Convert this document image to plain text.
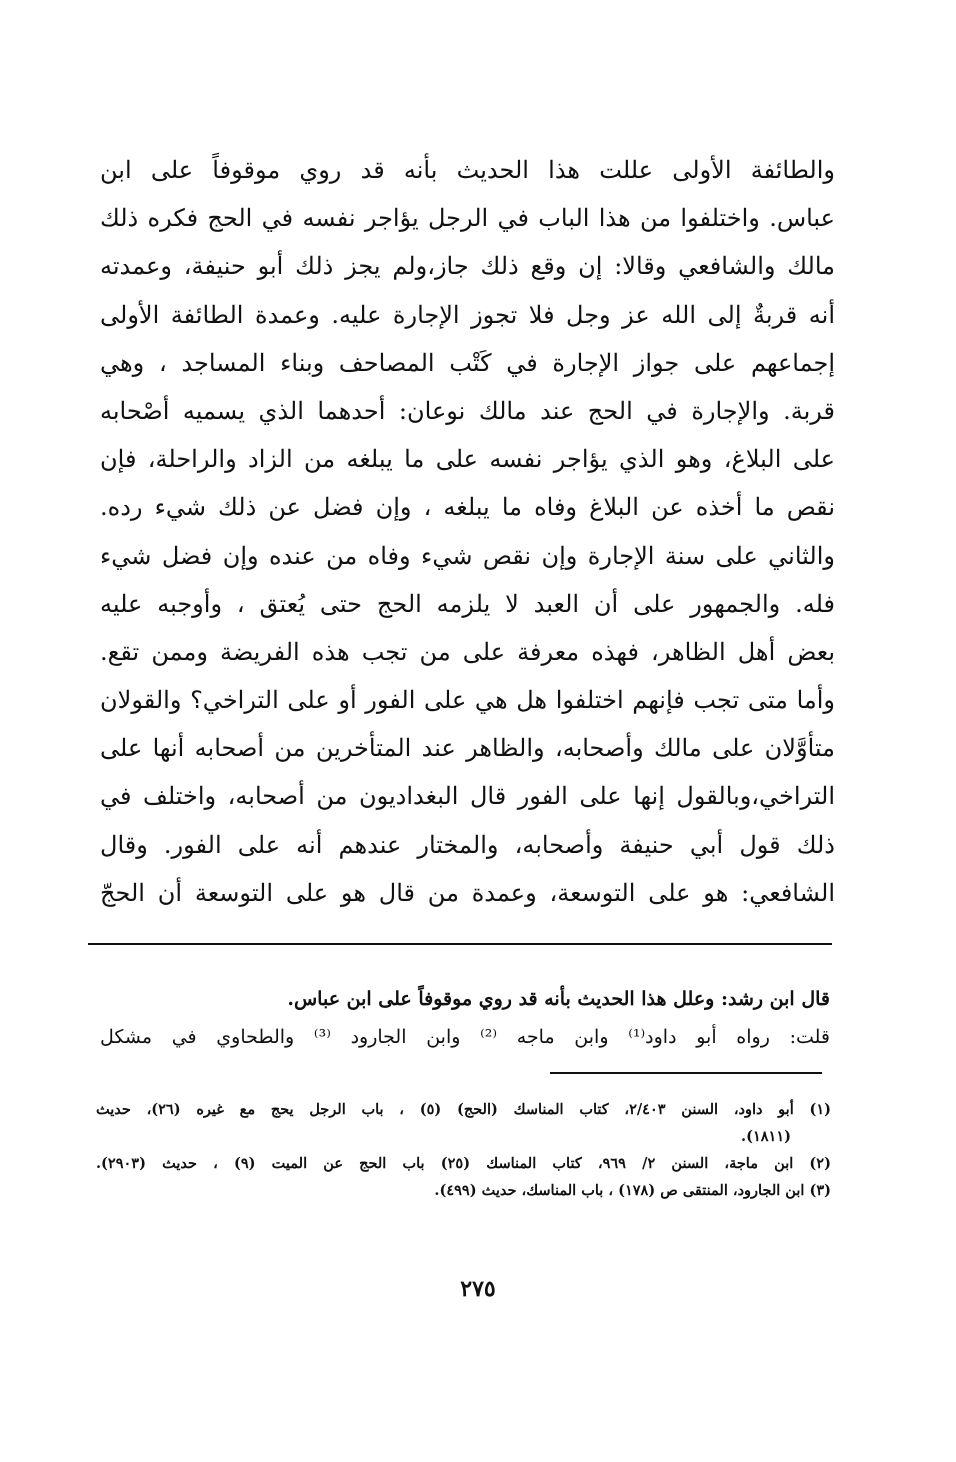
والطائفة الأولى عللت هذا الحديث بأنه قد روي موقوفاً على ابن
عباس. واختلفوا من هذا الباب في الرجل يؤاجر نفسه في الحج فكره ذلك
مالك والشافعي وقالا: إن وقع ذلك جاز،ولم يجز ذلك أبو حنيفة، وعمدته
أنه قربةٌ إلى الله عز وجل فلا تجوز الإجارة عليه. وعمدة الطائفة الأولى
إجماعهم على جواز الإجارة في كَتْب المصاحف وبناء المساجد ، وهي
قربة. والإجارة في الحج عند مالك نوعان: أحدهما الذي يسميه أصْحابه
على البلاغ، وهو الذي يؤاجر نفسه على ما يبلغه من الزاد والراحلة، فإن
نقص ما أخذه عن البلاغ وفاه ما يبلغه ، وإن فضل عن ذلك شيء رده.
والثاني على سنة الإجارة وإن نقص شيء وفاه من عنده وإن فضل شيء
فله. والجمهور على أن العبد لا يلزمه الحج حتى يُعتق ، وأوجبه عليه
بعض أهل الظاهر، فهذه معرفة على من تجب هذه الفريضة وممن تقع.
وأما متى تجب فإنهم اختلفوا هل هي على الفور أو على التراخي؟ والقولان
متأوَّلان على مالك وأصحابه، والظاهر عند المتأخرين من أصحابه أنها على
التراخي،وبالقول إنها على الفور قال البغداديون من أصحابه، واختلف في
ذلك قول أبي حنيفة وأصحابه، والمختار عندهم أنه على الفور. وقال
الشافعي: هو على التوسعة، وعمدة من قال هو على التوسعة أن الحجّ
قال ابن رشد: وعلل هذا الحديث بأنه قد روي موقوفاً على ابن عباس.
قلت: رواه أبو داود⁽¹⁾ وابن ماجه ⁽²⁾ وابن الجارود ⁽³⁾ والطحاوي في مشكل
(١) أبو داود، السنن ٢/٤٠٣، كتاب المناسك (الحج) (٥) ، باب الرجل يحج مع غيره (٢٦)، حديث
(١٨١١).
(٢) ابن ماجة، السنن ٢/ ٩٦٩، كتاب المناسك (٢٥) باب الحج عن الميت (٩) ، حديث (٢٩٠٣).
(٣) ابن الجارود، المنتقى ص (١٧٨) ، باب المناسك، حديث (٤٩٩).
٢٧٥
